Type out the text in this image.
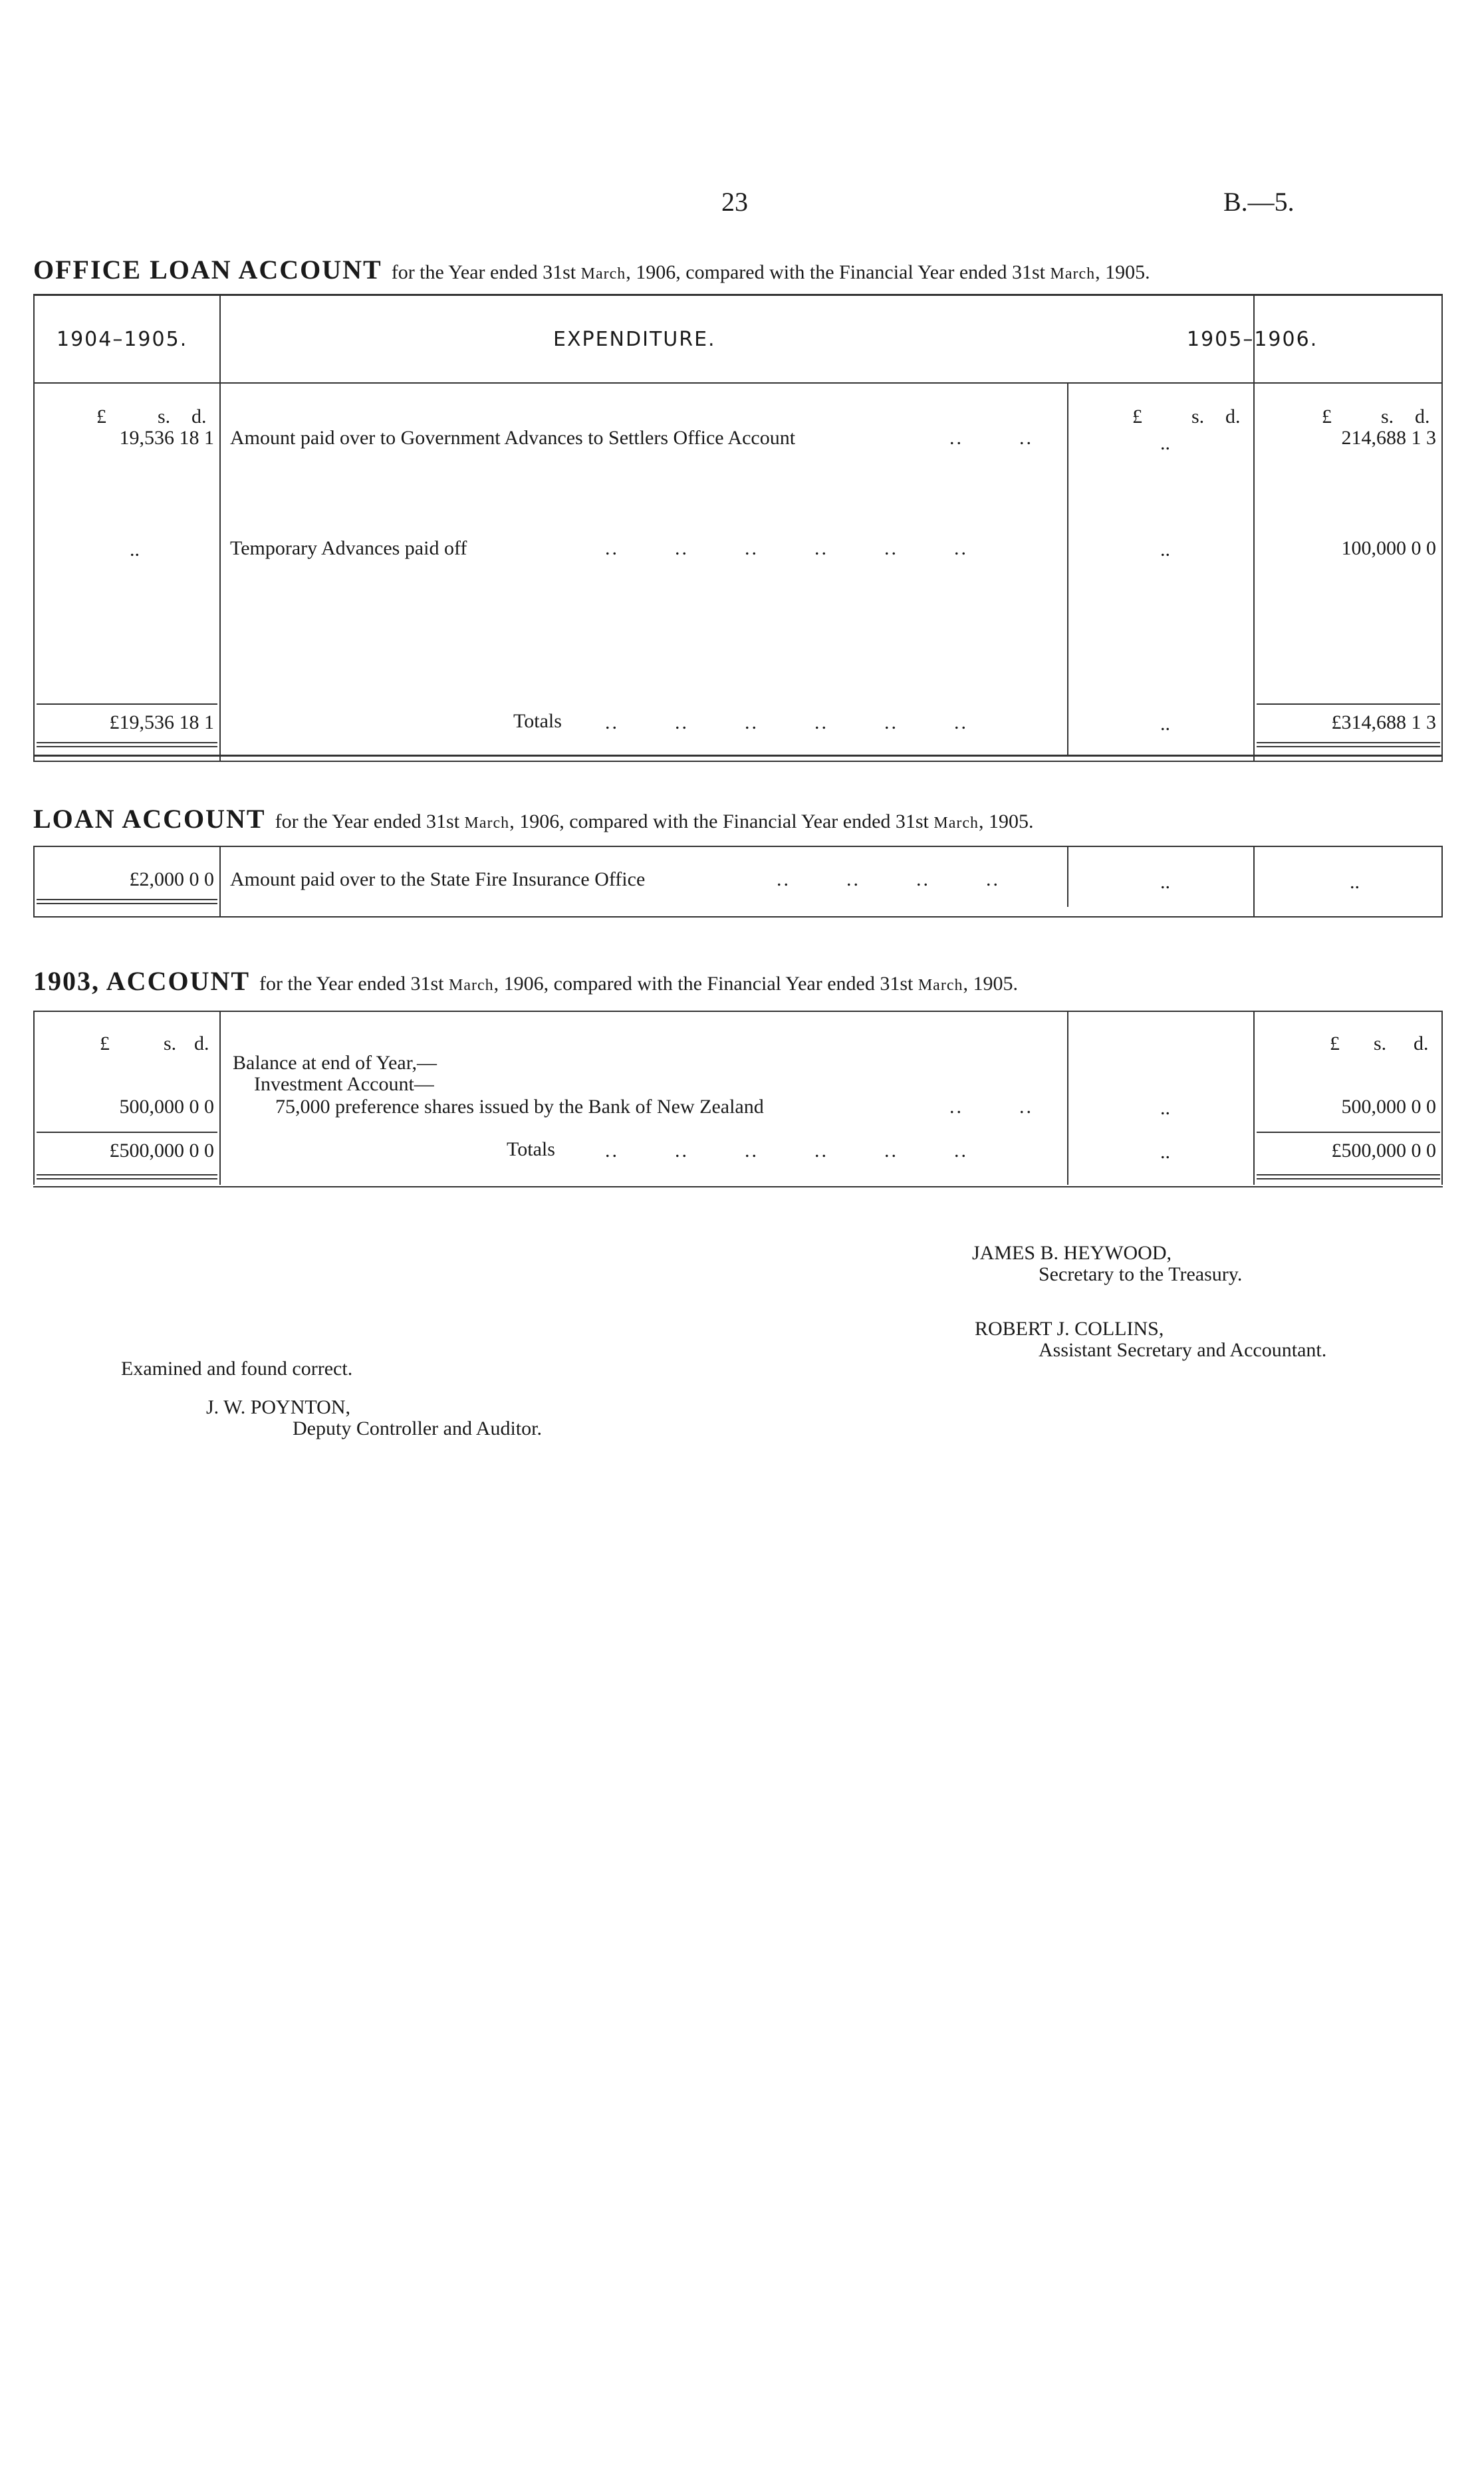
23	B.—5.
OFFICE LOAN ACCOUNT for the Year ended 31st March, 1906, compared with the Financial Year ended 31st March, 1905.
1904–1905.	EXPENDITURE.	1905–1906.
£	s. d.	£ s. d.	£ s. d.
19,536 18 1 Amount paid over to Government Advances to Settlers Office Account	..        ..	..	214,688 1 3
..	Temporary Advances paid off	..        ..        ..        ..        ..        ..	..	100,000 0 0
£19,536 18 1	Totals ..        ..        ..        ..        ..        ..	..	£314,688 1 3
LOAN ACCOUNT for the Year ended 31st March, 1906, compared with the Financial Year ended 31st March, 1905.
£2,000 0 0 Amount paid over to the State Fire Insurance Office	..        ..        ..        ..	..	..
1903, ACCOUNT for the Year ended 31st March, 1906, compared with the Financial Year ended 31st March, 1905.
£	s. d.	£ s. d.
Balance at end of Year,—
Investment Account—
500,000 0 0	75,000 preference shares issued by the Bank of New Zealand	..        ..	..	500,000 0 0
£500,000 0 0	Totals	..        ..        ..        ..        ..        ..	..	£500,000 0 0
JAMES B. HEYWOOD,
Secretary to the Treasury.
ROBERT J. COLLINS,
Assistant Secretary and Accountant.
Examined and found correct.
J. W. POYNTON,
Deputy Controller and Auditor.
